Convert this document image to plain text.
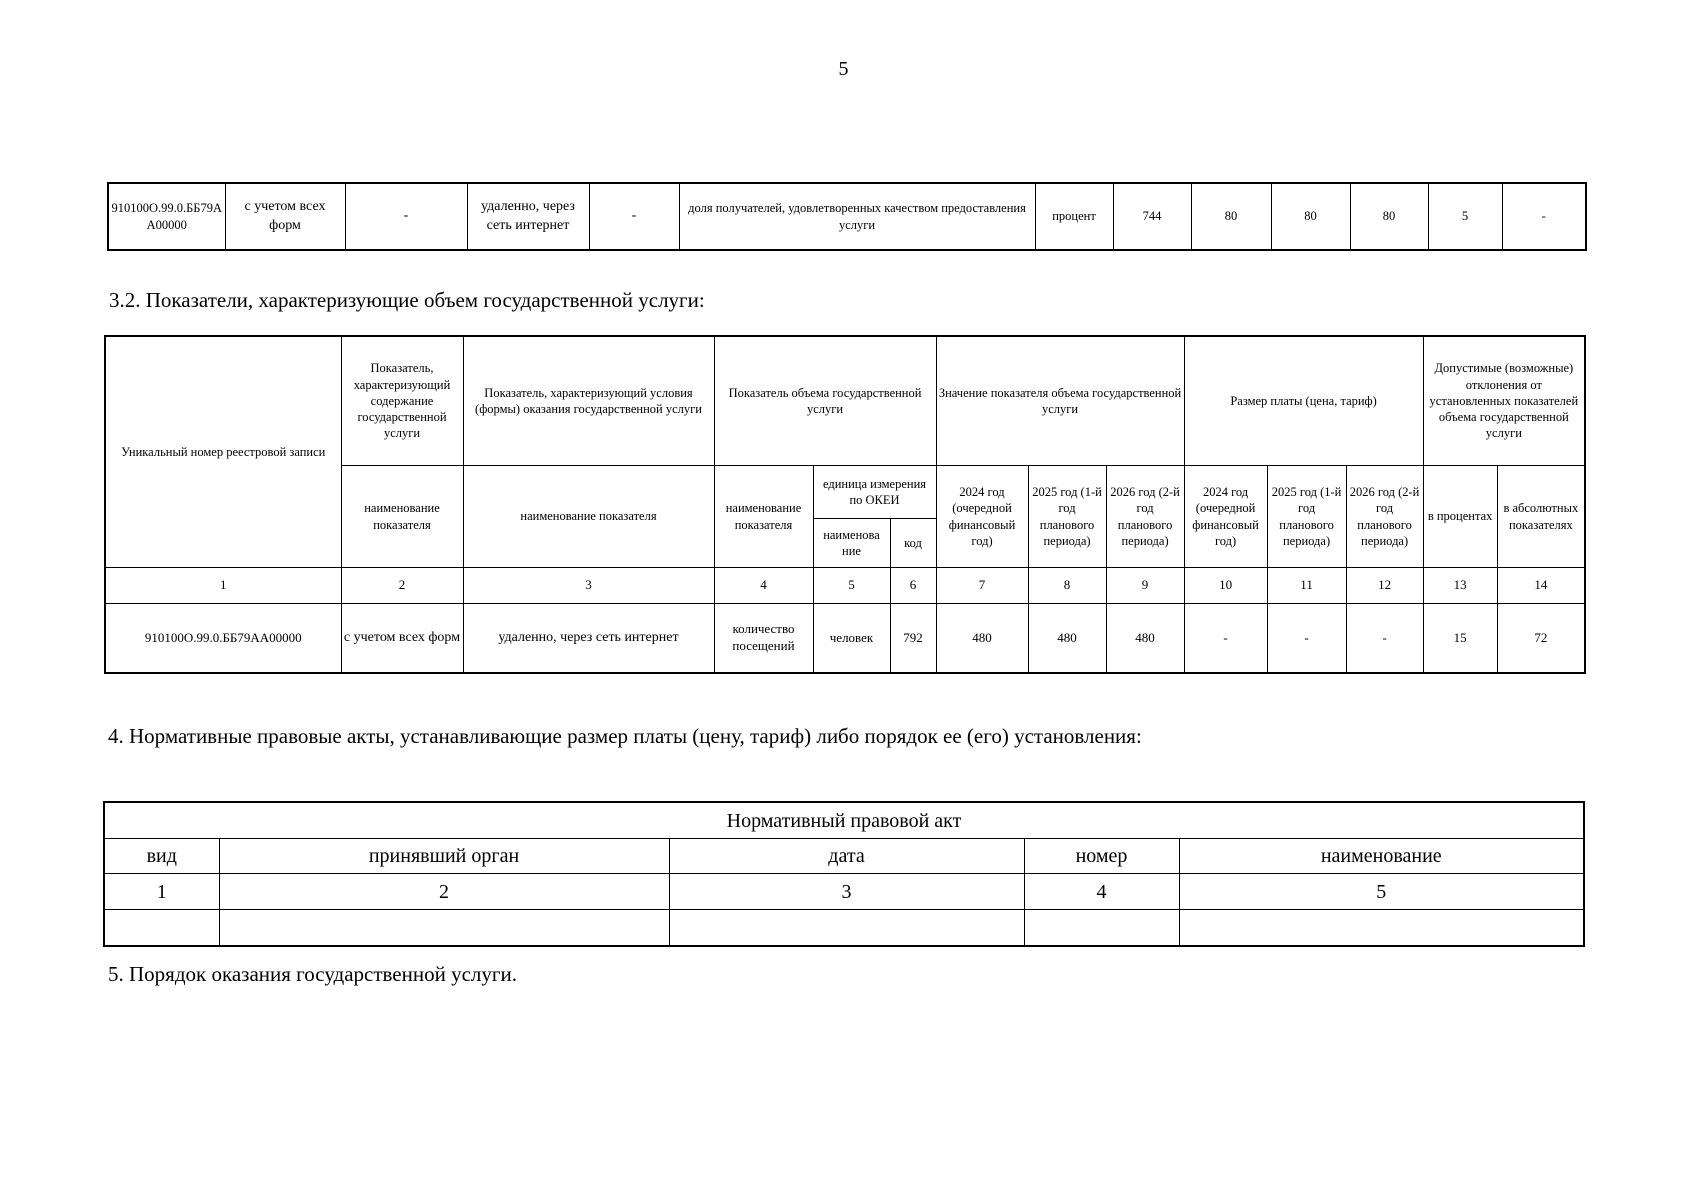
5
910100О.99.0.ББ79АА00000	с учетом всех форм	-	удаленно, через сеть интернет	-	доля получателей, удовлетворенных качеством предоставления услуги	процент	744	80	80	80	5	-
3.2. Показатели, характеризующие объем государственной услуги:
Уникальный номер реестровой записи	Показатель, характеризующий содержание государственной услуги	Показатель, характеризующий условия (формы) оказания государственной услуги	Показатель объема государственной услуги			Значение показателя объема государственной услуги			Размер платы (цена, тариф)			Допустимые (возможные) отклонения от установленных показателей объема государственной услуги	
	наименование показателя	наименование показателя	наименование показателя	единица измерения по ОКЕИ		2024 год (очередной финансовый год)	2025 год (1-й год планового периода)	2026 год (2-й год планового периода)	2024 год (очередной финансовый год)	2025 год (1-й год планового периода)	2026 год (2-й год планового периода)	в процентах	в абсолютных показателях
				наименова ние	код								
1	2	3	4	5	6	7	8	9	10	11	12	13	14
910100О.99.0.ББ79АА00000	с учетом всех форм	удаленно, через сеть интернет	количество посещений	человек	792	480	480	480	-	-	-	15	72
4. Нормативные правовые акты, устанавливающие размер платы (цену, тариф) либо порядок ее (его) установления:
Нормативный правовой акт				
вид	принявший орган	дата	номер	наименование
1	2	3	4	5

5. Порядок оказания государственной услуги.
